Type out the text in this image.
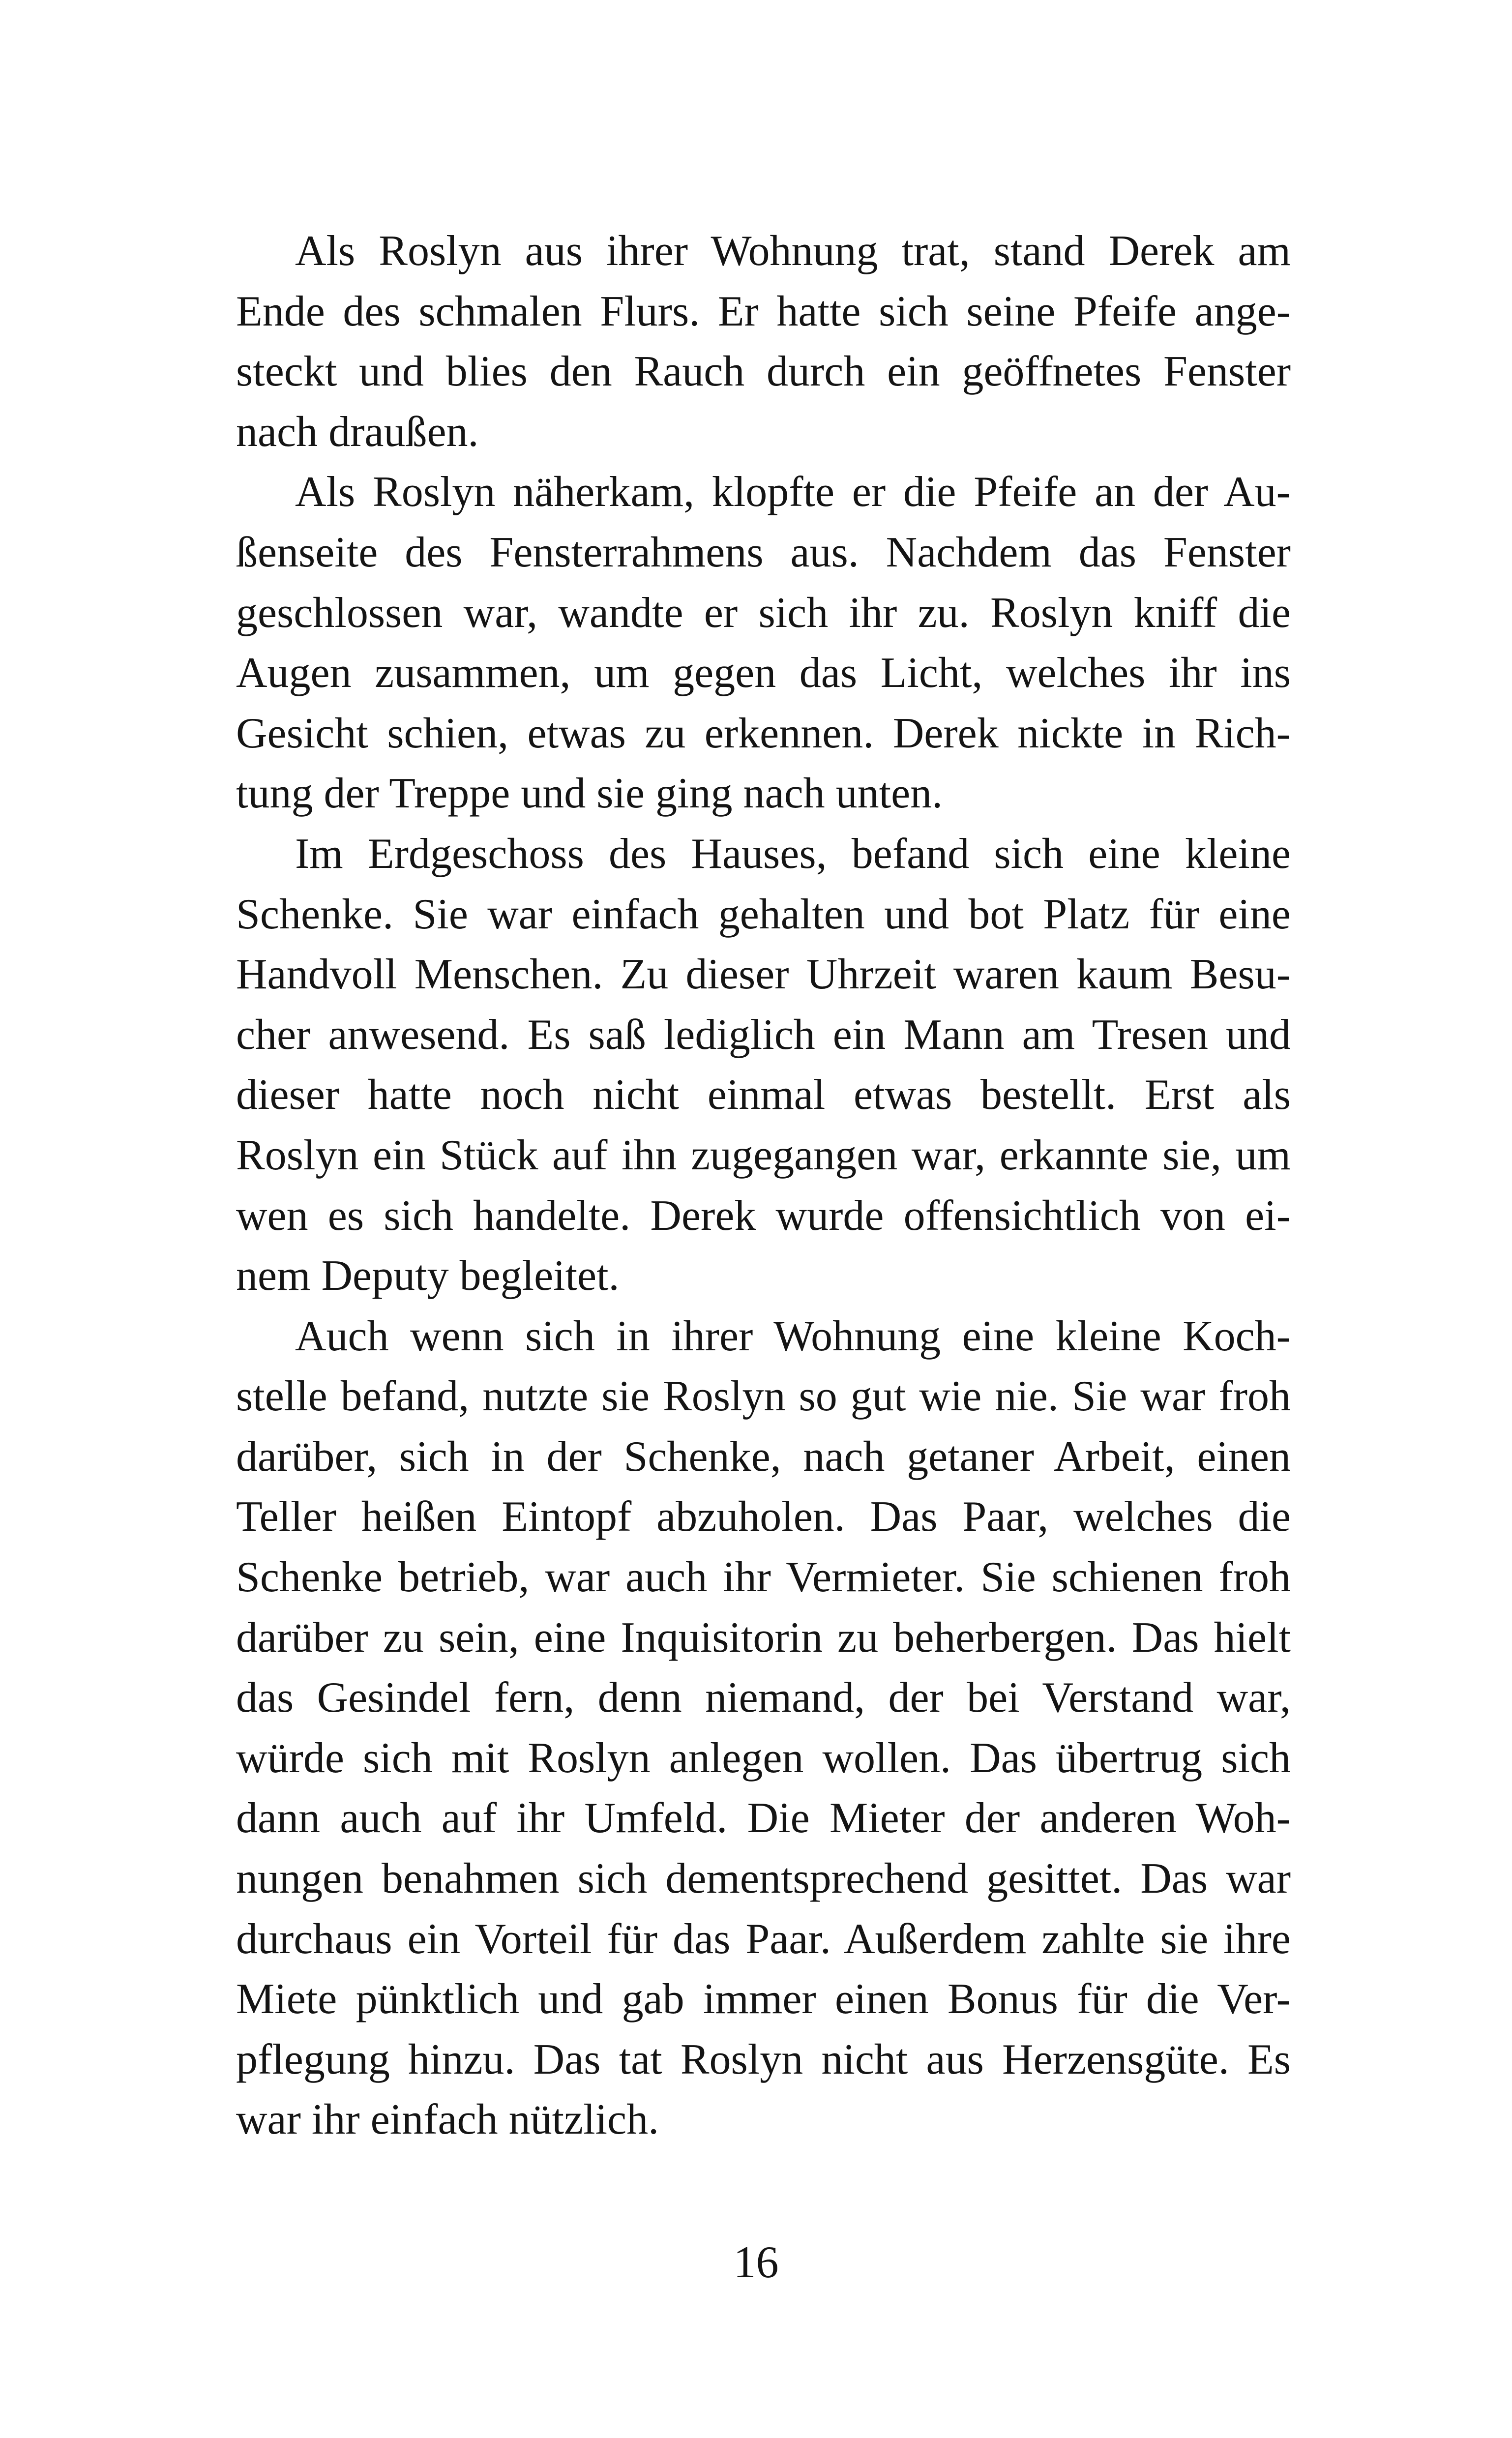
Als Roslyn aus ihrer Wohnung trat, stand Derek am
Ende des schmalen Flurs. Er hatte sich seine Pfeife ange-
steckt und blies den Rauch durch ein geöffnetes Fenster
nach draußen.
Als Roslyn näherkam, klopfte er die Pfeife an der Au-
ßenseite des Fensterrahmens aus. Nachdem das Fenster
geschlossen war, wandte er sich ihr zu. Roslyn kniff die
Augen zusammen, um gegen das Licht, welches ihr ins
Gesicht schien, etwas zu erkennen. Derek nickte in Rich-
tung der Treppe und sie ging nach unten.
Im Erdgeschoss des Hauses, befand sich eine kleine
Schenke. Sie war einfach gehalten und bot Platz für eine
Handvoll Menschen. Zu dieser Uhrzeit waren kaum Besu-
cher anwesend. Es saß lediglich ein Mann am Tresen und
dieser hatte noch nicht einmal etwas bestellt. Erst als
Roslyn ein Stück auf ihn zugegangen war, erkannte sie, um
wen es sich handelte. Derek wurde offensichtlich von ei-
nem Deputy begleitet.
Auch wenn sich in ihrer Wohnung eine kleine Koch-
stelle befand, nutzte sie Roslyn so gut wie nie. Sie war froh
darüber, sich in der Schenke, nach getaner Arbeit, einen
Teller heißen Eintopf abzuholen. Das Paar, welches die
Schenke betrieb, war auch ihr Vermieter. Sie schienen froh
darüber zu sein, eine Inquisitorin zu beherbergen. Das hielt
das Gesindel fern, denn niemand, der bei Verstand war,
würde sich mit Roslyn anlegen wollen. Das übertrug sich
dann auch auf ihr Umfeld. Die Mieter der anderen Woh-
nungen benahmen sich dementsprechend gesittet. Das war
durchaus ein Vorteil für das Paar. Außerdem zahlte sie ihre
Miete pünktlich und gab immer einen Bonus für die Ver-
pflegung hinzu. Das tat Roslyn nicht aus Herzensgüte. Es
war ihr einfach nützlich.
16
